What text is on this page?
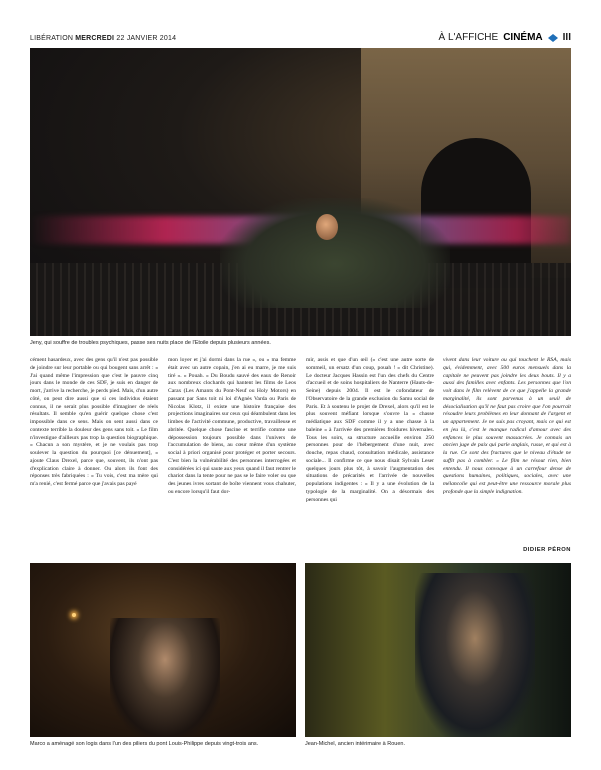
LIBÉRATION MERCREDI 22 JANVIER 2014	À L'AFFICHE CINÉMA III
Jeny, qui souffre de troubles psychiques, passe ses nuits place de l'Etoile depuis plusieurs années.

cément hasardeux, avec des gens qu'il n'est pas possible de joindre sur leur portable ou qui bougent sans arrêt : « J'ai quand même l'impression que c'est le pauvre cinq jours dans le monde de ces SDF, je suis en danger de mort, j'arrive la recherche, je perds pied. Mais, d'un autre côté, on peut dire aussi que si ces individus étaient connus, il ne serait plus possible d'imaginer de réels résultats. Il semble qu'en guérir quelque chose c'est impossible dans ce sens. Mais on sent aussi dans ce contexte terrible la douleur des gens sans toit. » Le film n'investigue d'ailleurs pas trop la question biographique. « Chacun a son mystère, et je ne voulais pas trop soulever la question du pourquoi [ce dénuement], » ajoute Claus Drexel, parce que, souvent, ils n'ont pas d'explication claire à donner. Ou alors ils font des réponses très fabriquées : « Tu vois, c'est ma mère qui m'a renié, c'est fermé parce que j'avais pas payé

mon loyer et j'ai dormi dans la rue », ou « ma femme était avec un autre copain, j'en ai eu marre, je me suis tiré ». « Pouah. » Du Boudu sauvé des eaux de Renoir aux nombreux clochards qui hantent les films de Leos Carax (Les Amants du Pont-Neuf ou Holy Motors) en passant par Sans toit ni loi d'Agnès Varda ou Paris de Nicolas Klotz, il existe une histoire française des projections imaginaires sur ceux qui déambulent dans les limbes de l'activité commune, productive, travailleuse et abritée. Quelque chose fascine et terrifie comme une dépossession toujours possible dans l'univers de l'accumulation de biens, au cœur même d'un système social à priori organisé pour protéger et porter secours. C'est bien la vulnérabilité des personnes interrogées et considérées ici qui saute aux yeux quand il faut rentrer le chariot dans la tente pour ne pas se le faire voler ou que des jeunes ivres sortant de boîte viennent vous chahuter, ou encore lorsqu'il faut dor-

mir, assis et que d'un œil (« c'est une autre sorte de sommeil, un ersatz d'un coup, pouah ! » dit Christine). Le docteur Jacques Hassin est l'un des chefs du Centre d'accueil et de soins hospitaliers de Nanterre (Hauts-de-Seine) depuis 2004. Il est le cofondateur de l'Observatoire de la grande exclusion du Samu social de Paris. Et à soutenu le projet de Drexel, alors qu'il est le plus souvent méfiant lorsque s'ouvre la « chasse médiatique aux SDF comme il y a une chasse à la baleine » à l'arrivée des premières froidures hivernales. Tous les soirs, sa structure accueille environ 250 personnes pour de l'hébergement d'une nuit, avec douche, repas chaud, consultation médicale, assistance sociale... Il confirme ce que nous disait Sylvain Leser quelques jours plus tôt, à savoir l'augmentation des situations de précarités et l'arrivée de nouvelles populations indigentes : « Il y a une évolution de la typologie de la marginalité. On a désormais des personnes qui

vivent dans leur voiture ou qui touchent le RSA, mais qui, évidemment, avec 500 euros mensuels dans la capitale ne peuvent pas joindre les deux bouts. Il y a aussi des familles avec enfants. Les personnes que l'on voit dans le film relèvent de ce que j'appelle la grande marginalité, ils sont parvenus à un seuil de désocialisation qu'il ne faut pas croire que l'on pourrait résoudre leurs problèmes en leur donnant de l'argent et un appartement. Je ne suis pas croyant, mais ce qui est en jeu là, c'est le manque radical d'amour avec des enfances le plus souvent massacrées. Je connais un ancien juge de paix qui parle anglais, russe, et qui est à la rue. Ce sont des fractures que le niveau d'étude ne suffit pas à combler. » Le film ne résout rien, bien entendu. Il nous convoque à un carrefour dense de questions humaines, politiques, sociales, avec une mélancolie qui est peut-être une ressource morale plus profonde que la simple indignation.

DIDIER PÉRON
Marco a aménagé son logis dans l'un des piliers du pont Louis-Philippe depuis vingt-trois ans.	Jean-Michel, ancien intérimaire à Rouen.
